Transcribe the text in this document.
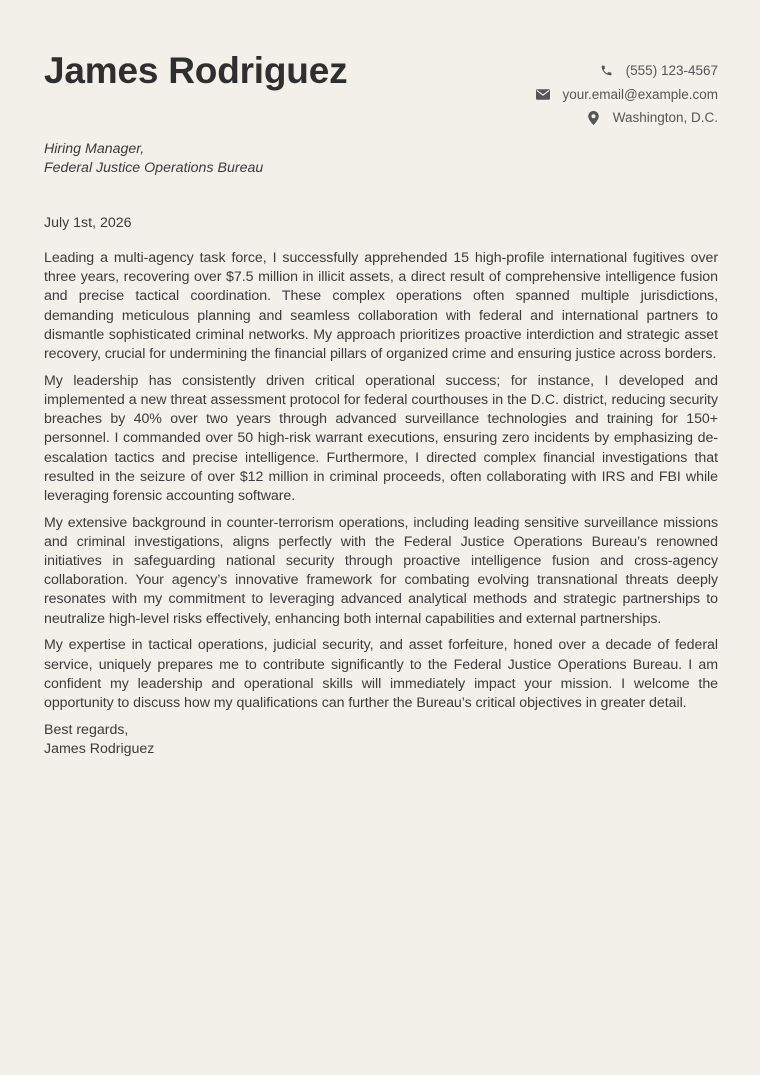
James Rodriguez	(555) 123-4567
your.email@example.com
Washington, D.C.
Hiring Manager,
Federal Justice Operations Bureau
July 1st, 2026

Leading a multi-agency task force, I successfully apprehended 15 high-profile international fugitives over three years, recovering over $7.5 million in illicit assets, a direct result of comprehensive intelligence fusion and precise tactical coordination. These complex operations often spanned multiple jurisdictions, demanding meticulous planning and seamless collaboration with federal and international partners to dismantle sophisticated criminal networks. My approach prioritizes proactive interdiction and strategic asset recovery, crucial for undermining the financial pillars of organized crime and ensuring justice across borders.

My leadership has consistently driven critical operational success; for instance, I developed and implemented a new threat assessment protocol for federal courthouses in the D.C. district, reducing security breaches by 40% over two years through advanced surveillance technologies and training for 150+ personnel. I commanded over 50 high-risk warrant executions, ensuring zero incidents by emphasizing de-escalation tactics and precise intelligence. Furthermore, I directed complex financial investigations that resulted in the seizure of over $12 million in criminal proceeds, often collaborating with IRS and FBI while leveraging forensic accounting software.

My extensive background in counter-terrorism operations, including leading sensitive surveillance missions and criminal investigations, aligns perfectly with the Federal Justice Operations Bureau’s renowned initiatives in safeguarding national security through proactive intelligence fusion and cross-agency collaboration. Your agency’s innovative framework for combating evolving transnational threats deeply resonates with my commitment to leveraging advanced analytical methods and strategic partnerships to neutralize high-level risks effectively, enhancing both internal capabilities and external partnerships.

My expertise in tactical operations, judicial security, and asset forfeiture, honed over a decade of federal service, uniquely prepares me to contribute significantly to the Federal Justice Operations Bureau. I am confident my leadership and operational skills will immediately impact your mission. I welcome the opportunity to discuss how my qualifications can further the Bureau’s critical objectives in greater detail.

Best regards,
James Rodriguez
